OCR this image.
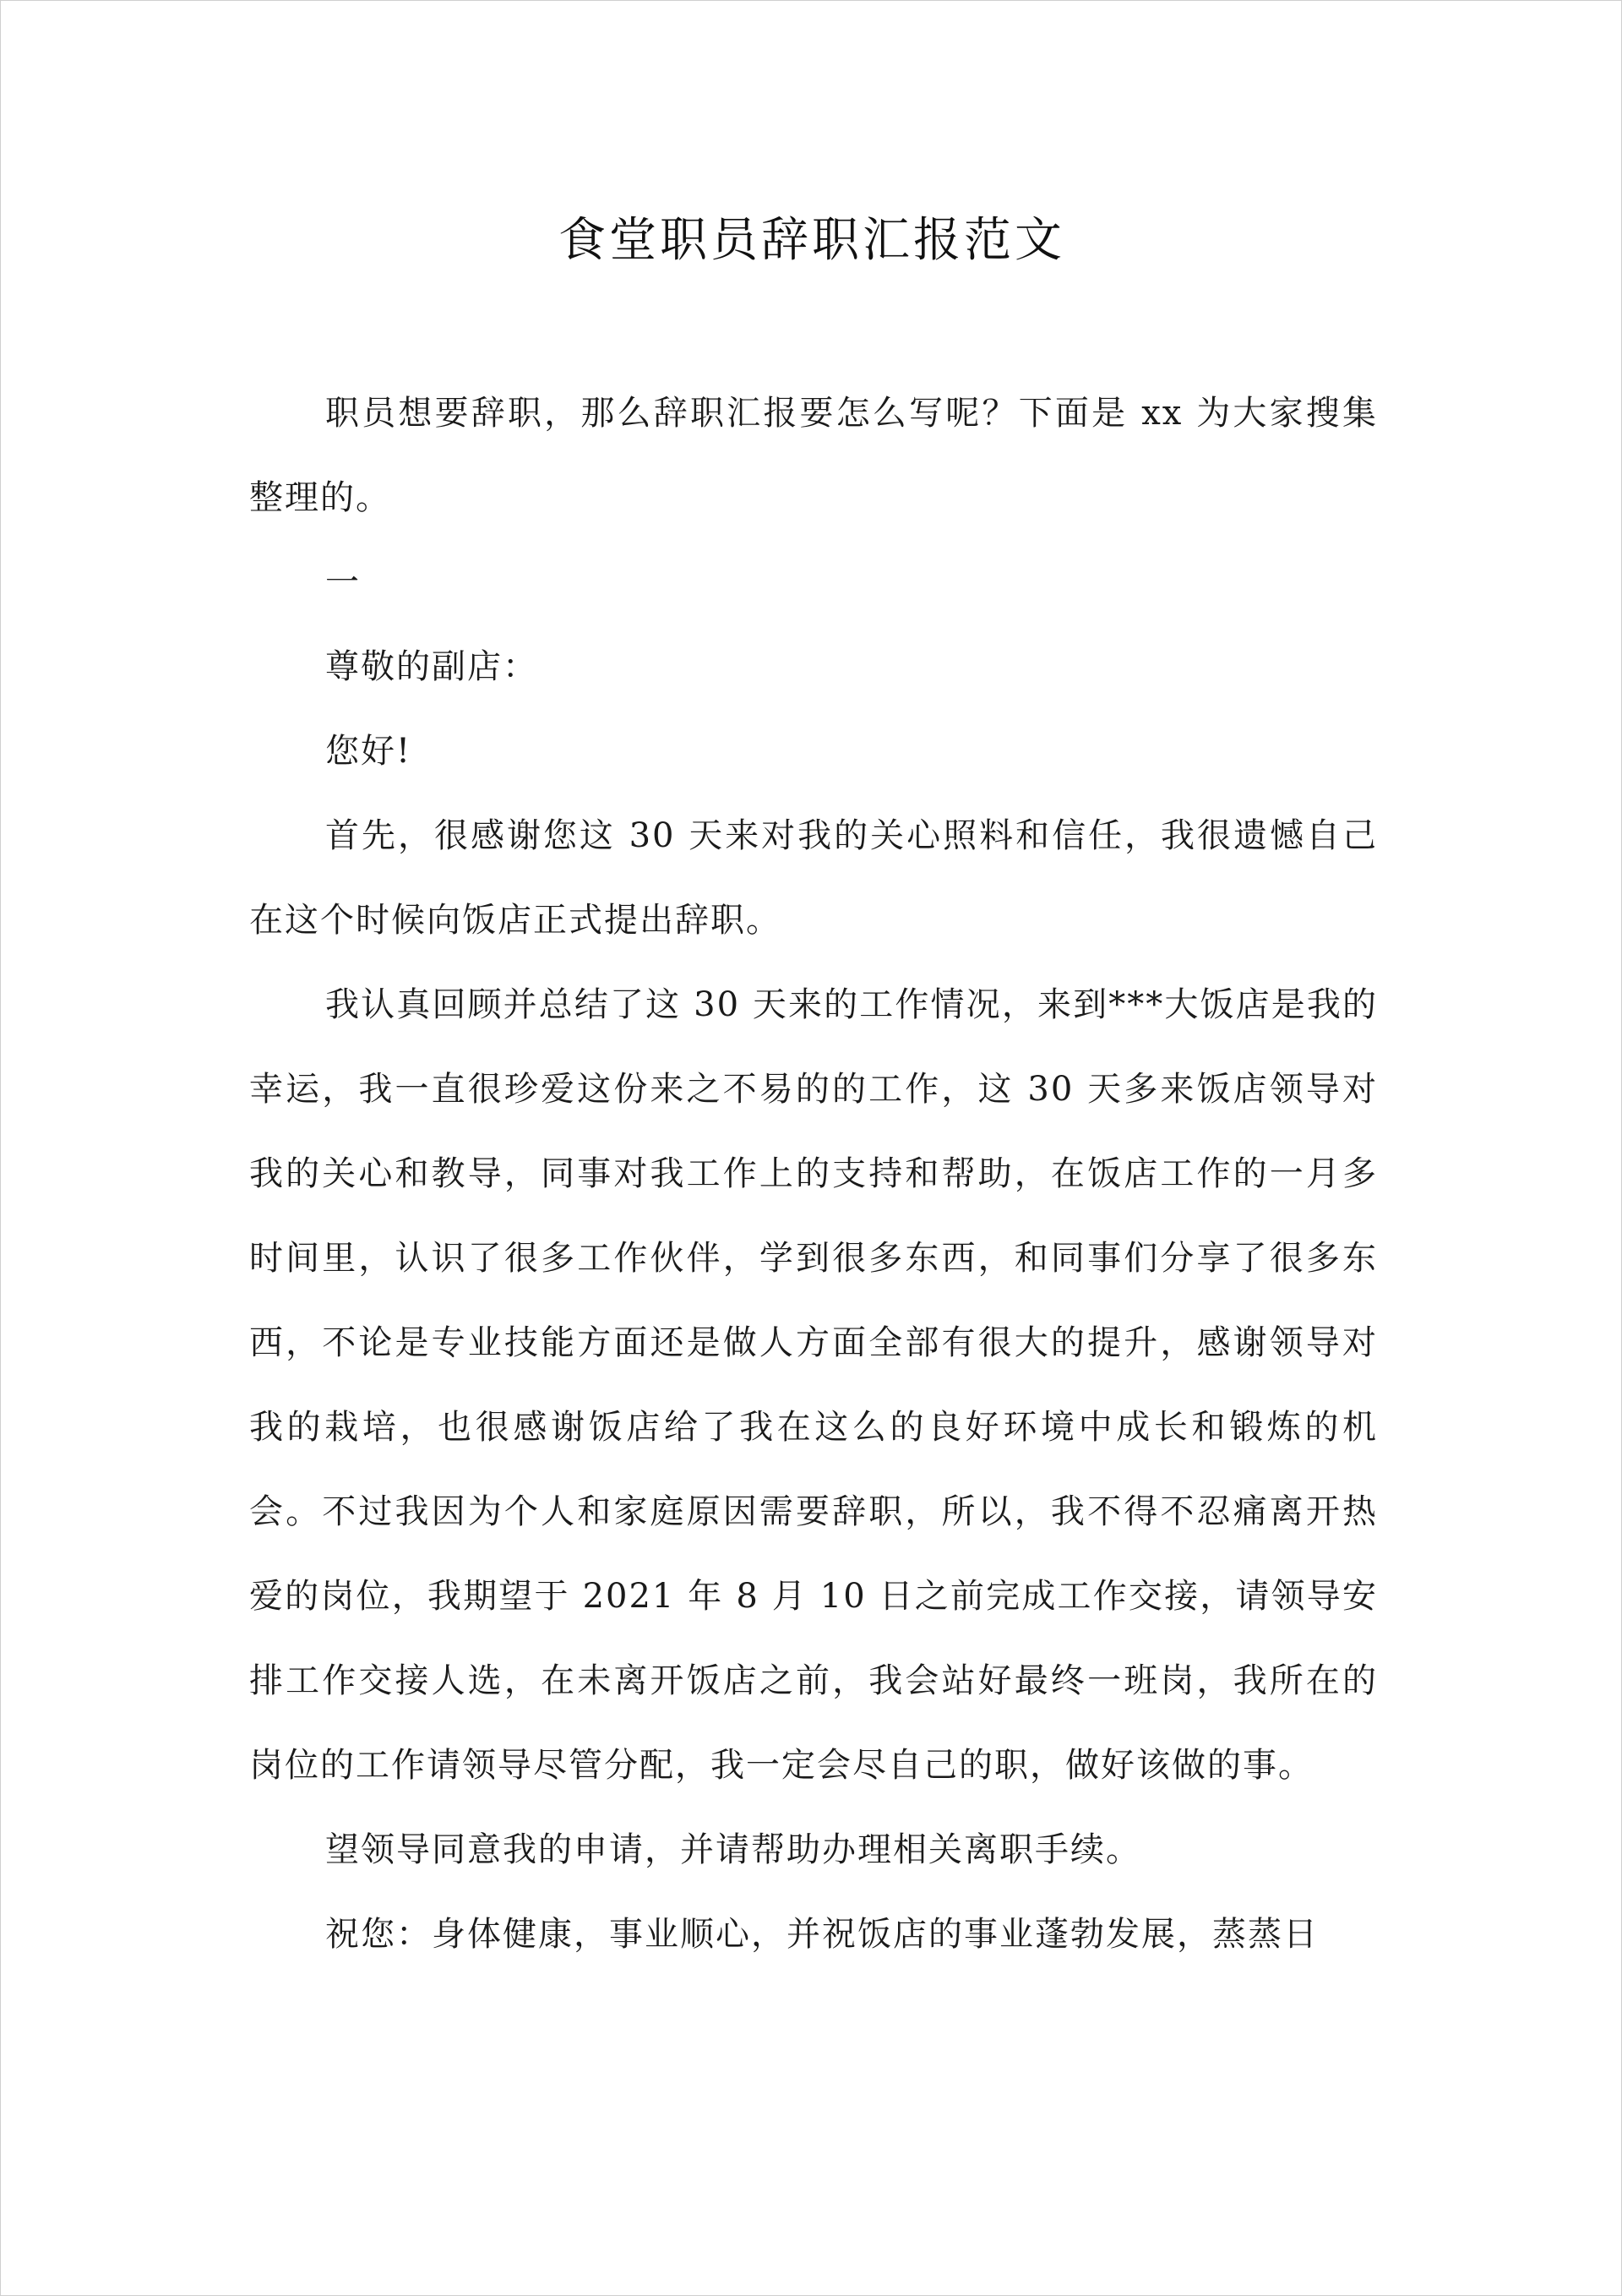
食堂职员辞职汇报范文

职员想要辞职，那么辞职汇报要怎么写呢？下面是 xx 为大家搜集整理的。

一

尊敬的副店：

您好!

首先，很感谢您这 30 天来对我的关心照料和信任，我很遗憾自己在这个时候向饭店正式提出辞职。

我认真回顾并总结了这 30 天来的工作情况，来到***大饭店是我的幸运，我一直很珍爱这份来之不易的的工作，这 30 天多来饭店领导对我的关心和教导，同事对我工作上的支持和帮助，在饭店工作的一月多时间里，认识了很多工作伙伴，学到很多东西，和同事们分享了很多东西，不论是专业技能方面还是做人方面全部有很大的提升，感谢领导对我的栽培，也很感谢饭店给了我在这么的良好环境中成长和锻炼的机会。不过我因为个人和家庭原因需要辞职，所以，我不得不忍痛离开热爱的岗位，我期望于 2021 年 8 月 10 日之前完成工作交接，请领导安排工作交接人选，在未离开饭店之前，我会站好最终一班岗，我所在的岗位的工作请领导尽管分配，我一定会尽自己的职，做好该做的事。

望领导同意我的申请，并请帮助办理相关离职手续。

祝您：身体健康，事业顺心，并祝饭店的事业蓬勃发展，蒸蒸日
